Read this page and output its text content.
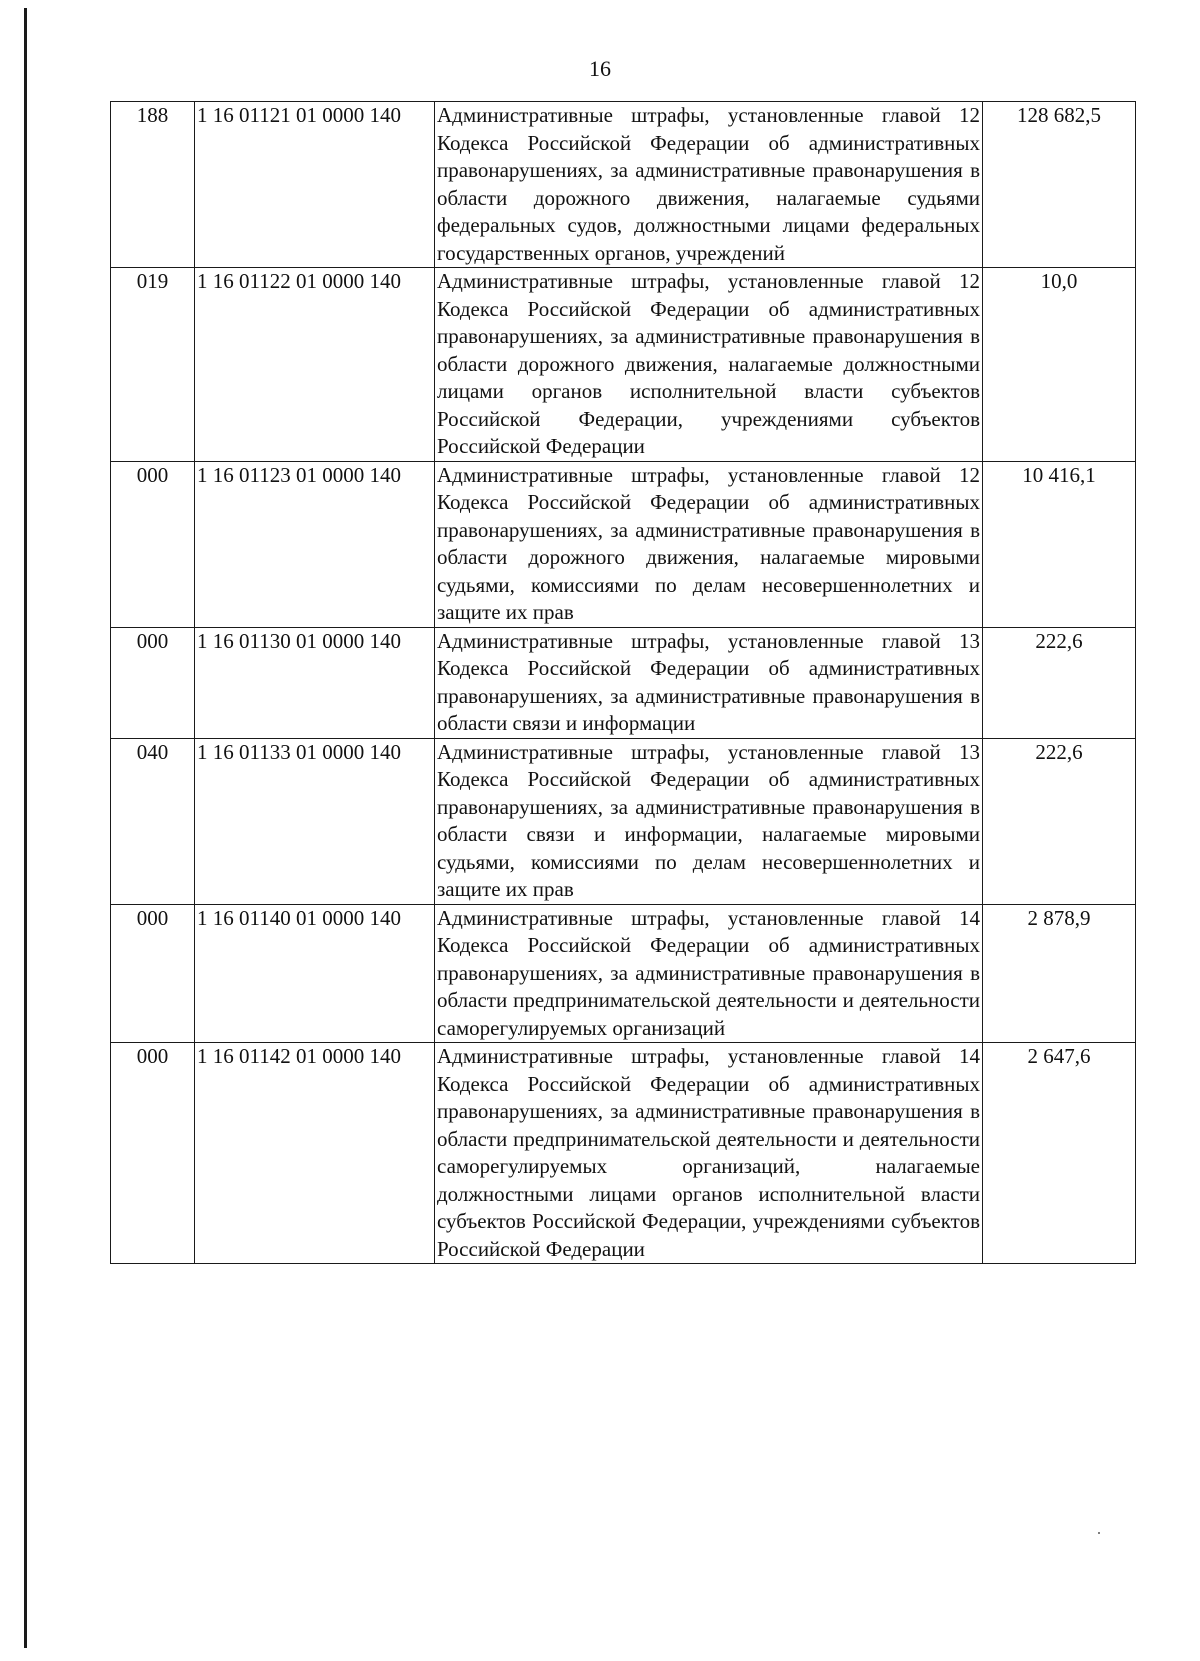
16
188	1 16 01121 01 0000 140	Административные штрафы, установленные главой 12 Кодекса Российской Федерации об административных правонарушениях, за административные правонарушения в области дорожного движения, налагаемые судьями федеральных судов, должностными лицами федеральных государственных органов, учреждений	128 682,5
019	1 16 01122 01 0000 140	Административные штрафы, установленные главой 12 Кодекса Российской Федерации об административных правонарушениях, за административные правонарушения в области дорожного движения, налагаемые должностными лицами органов исполнительной власти субъектов Российской Федерации, учреждениями субъектов Российской Федерации	10,0
000	1 16 01123 01 0000 140	Административные штрафы, установленные главой 12 Кодекса Российской Федерации об административных правонарушениях, за административные правонарушения в области дорожного движения, налагаемые мировыми судьями, комиссиями по делам несовершеннолетних и защите их прав	10 416,1
000	1 16 01130 01 0000 140	Административные штрафы, установленные главой 13 Кодекса Российской Федерации об административных правонарушениях, за административные правонарушения в области связи и информации	222,6
040	1 16 01133 01 0000 140	Административные штрафы, установленные главой 13 Кодекса Российской Федерации об административных правонарушениях, за административные правонарушения в области связи и информации, налагаемые мировыми судьями, комиссиями по делам несовершеннолетних и защите их прав	222,6
000	1 16 01140 01 0000 140	Административные штрафы, установленные главой 14 Кодекса Российской Федерации об административных правонарушениях, за административные правонарушения в области предпринимательской деятельности и деятельности саморегулируемых организаций	2 878,9
000	1 16 01142 01 0000 140	Административные штрафы, установленные главой 14 Кодекса Российской Федерации об административных правонарушениях, за административные правонарушения в области предпринимательской деятельности и деятельности саморегулируемых организаций, налагаемые должностными лицами органов исполнительной власти субъектов Российской Федерации, учреждениями субъектов Российской Федерации	2 647,6
